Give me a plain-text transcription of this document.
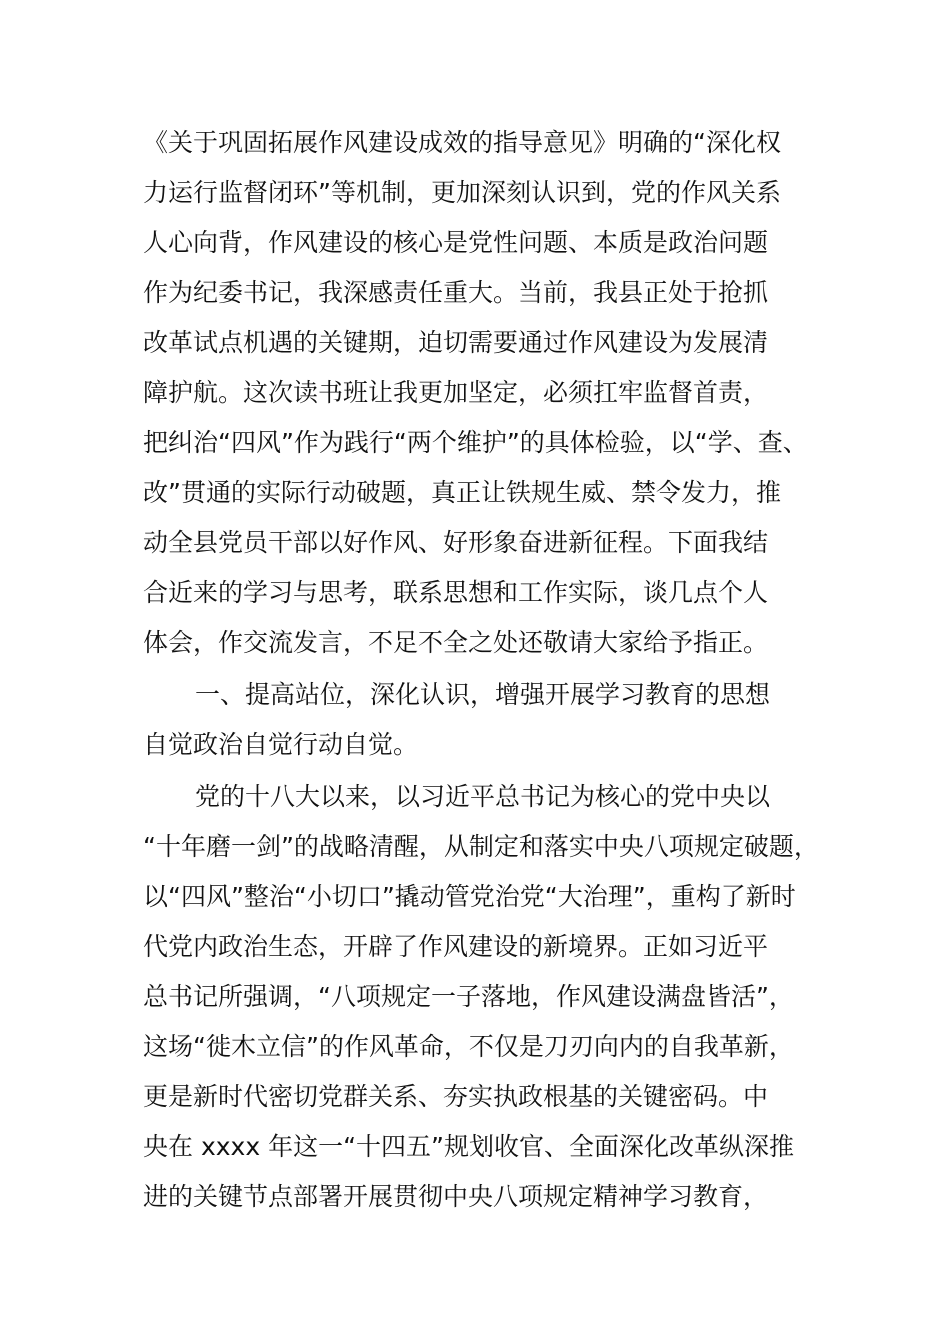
《关于巩固拓展作风建设成效的指导意见》明确的“深化权
力运行监督闭环”等机制，更加深刻认识到，党的作风关系
人心向背，作风建设的核心是党性问题、本质是政治问题
作为纪委书记，我深感责任重大。当前，我县正处于抢抓
改革试点机遇的关键期，迫切需要通过作风建设为发展清
障护航。这次读书班让我更加坚定，必须扛牢监督首责，
把纠治“四风”作为践行“两个维护”的具体检验，以“学、查、
改”贯通的实际行动破题，真正让铁规生威、禁令发力，推
动全县党员干部以好作风、好形象奋进新征程。下面我结
合近来的学习与思考，联系思想和工作实际，谈几点个人
体会，作交流发言，不足不全之处还敬请大家给予指正。
一、提高站位，深化认识，增强开展学习教育的思想
自觉政治自觉行动自觉。
党的十八大以来，以习近平总书记为核心的党中央以
“十年磨一剑”的战略清醒，从制定和落实中央八项规定破题，
以“四风”整治“小切口”撬动管党治党“大治理”，重构了新时
代党内政治生态，开辟了作风建设的新境界。正如习近平
总书记所强调，“八项规定一子落地，作风建设满盘皆活”，
这场“徙木立信”的作风革命，不仅是刀刃向内的自我革新，
更是新时代密切党群关系、夯实执政根基的关键密码。中
央在 xxxx 年这一“十四五”规划收官、全面深化改革纵深推
进的关键节点部署开展贯彻中央八项规定精神学习教育，
